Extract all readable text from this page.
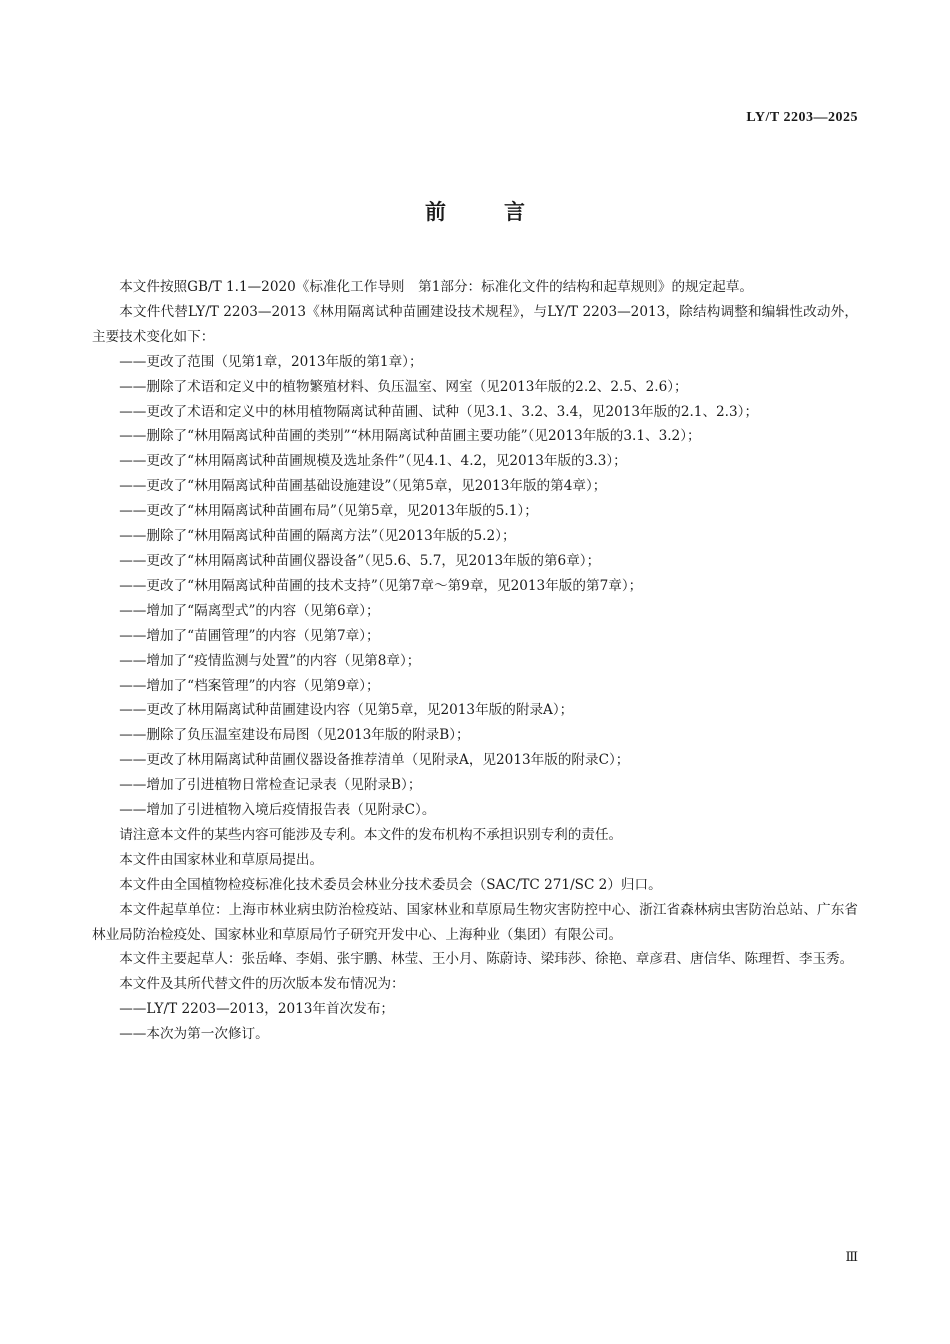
LY/T 2203—2025
前	言

本文件按照GB/T 1.1—2020《标准化工作导则　第1部分：标准化文件的结构和起草规则》的规定起草。

本文件代替LY/T 2203—2013《林用隔离试种苗圃建设技术规程》，与LY/T 2203—2013，除结构调整和编辑性改动外，主要技术变化如下：

——更改了范围（见第1章，2013年版的第1章）；

——删除了术语和定义中的植物繁殖材料、负压温室、网室（见2013年版的2.2、2.5、2.6）；

——更改了术语和定义中的林用植物隔离试种苗圃、试种（见3.1、3.2、3.4，见2013年版的2.1、2.3）；

——删除了“林用隔离试种苗圃的类别”“林用隔离试种苗圃主要功能”（见2013年版的3.1、3.2）；

——更改了“林用隔离试种苗圃规模及选址条件”（见4.1、4.2，见2013年版的3.3）；

——更改了“林用隔离试种苗圃基础设施建设”（见第5章，见2013年版的第4章）；

——更改了“林用隔离试种苗圃布局”（见第5章，见2013年版的5.1）；

——删除了“林用隔离试种苗圃的隔离方法”（见2013年版的5.2）；

——更改了“林用隔离试种苗圃仪器设备”（见5.6、5.7，见2013年版的第6章）；

——更改了“林用隔离试种苗圃的技术支持”（见第7章～第9章，见2013年版的第7章）；

——增加了“隔离型式”的内容（见第6章）；

——增加了“苗圃管理”的内容（见第7章）；

——增加了“疫情监测与处置”的内容（见第8章）；

——增加了“档案管理”的内容（见第9章）；

——更改了林用隔离试种苗圃建设内容（见第5章，见2013年版的附录A）；

——删除了负压温室建设布局图（见2013年版的附录B）；

——更改了林用隔离试种苗圃仪器设备推荐清单（见附录A，见2013年版的附录C）；

——增加了引进植物日常检查记录表（见附录B）；

——增加了引进植物入境后疫情报告表（见附录C）。

请注意本文件的某些内容可能涉及专利。本文件的发布机构不承担识别专利的责任。

本文件由国家林业和草原局提出。

本文件由全国植物检疫标准化技术委员会林业分技术委员会（SAC/TC 271/SC 2）归口。

本文件起草单位：上海市林业病虫防治检疫站、国家林业和草原局生物灾害防控中心、浙江省森林病虫害防治总站、广东省林业局防治检疫处、国家林业和草原局竹子研究开发中心、上海种业（集团）有限公司。

本文件主要起草人：张岳峰、李娟、张宇鹏、林莹、王小月、陈蔚诗、梁玮莎、徐艳、章彦君、唐信华、陈理哲、李玉秀。

本文件及其所代替文件的历次版本发布情况为：

——LY/T 2203—2013，2013年首次发布；

——本次为第一次修订。

Ⅲ
